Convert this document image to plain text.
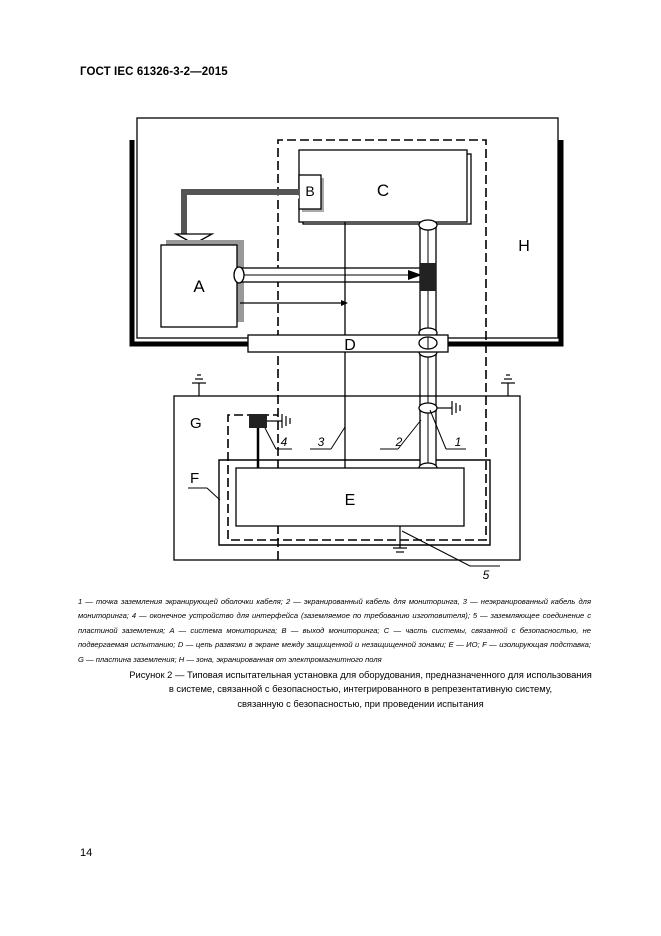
ГОСТ IEC 61326-3-2—2015
C
B
A
D
H
G
E
F
5
1
2
3
4
1 — точка заземления экранирующей оболочки кабеля; 2 — экранированный кабель для мониторинга, 3 — неэкранированный кабель для мониторинга; 4 — оконечное устройство для интерфейса (заземляемое по требованию изготовителя); 5 — заземляющее соединение с пластиной заземления; A — система мониторинга; B — выход мониторинга; C — часть системы, связанной с безопасностью, не подвергаемая испытанию; D — цепь развязки в экране между защищенной и незащищенной зонами; E — ИО; F — изолирующая подставка; G — пластина заземления; H — зона, экранированная от электромагнитного поля
Рисунок 2 — Типовая испытательная установка для оборудования, предназначенного для использования
в системе, связанной с безопасностью, интегрированного в репрезентативную систему,
связанную с безопасностью, при проведении испытания
14
